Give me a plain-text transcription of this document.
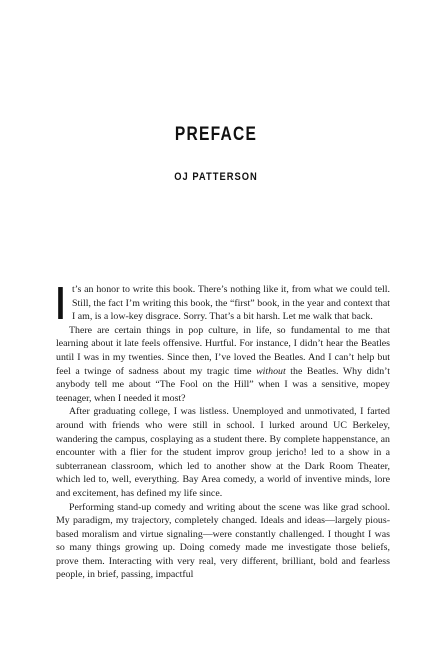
PREFACE
OJ PATTERSON

It’s an honor to write this book. There’s nothing like it, from what we could tell. Still, the fact I’m writing this book, the “first” book, in the year and context that I am, is a low-key disgrace. Sorry. That’s a bit harsh. Let me walk that back.

There are certain things in pop culture, in life, so fundamental to me that learning about it late feels offensive. Hurtful. For instance, I didn’t hear the Beatles until I was in my twenties. Since then, I’ve loved the Beatles. And I can’t help but feel a twinge of sadness about my tragic time without the Beatles. Why didn’t anybody tell me about “The Fool on the Hill” when I was a sensitive, mopey teenager, when I needed it most?

After graduating college, I was listless. Unemployed and unmotivated, I farted around with friends who were still in school. I lurked around UC Berkeley, wandering the campus, cosplaying as a student there. By complete happenstance, an encounter with a flier for the student improv group jericho! led to a show in a subterranean classroom, which led to another show at the Dark Room Theater, which led to, well, everything. Bay Area comedy, a world of inventive minds, lore and excitement, has defined my life since.

Performing stand-up comedy and writing about the scene was like grad school. My paradigm, my trajectory, completely changed. Ideals and ideas—largely pious-based moralism and virtue signaling—were constantly challenged. I thought I was so many things growing up. Doing comedy made me investigate those beliefs, prove them. Interacting with very real, very different, brilliant, bold and fearless people, in brief, passing, impactful
